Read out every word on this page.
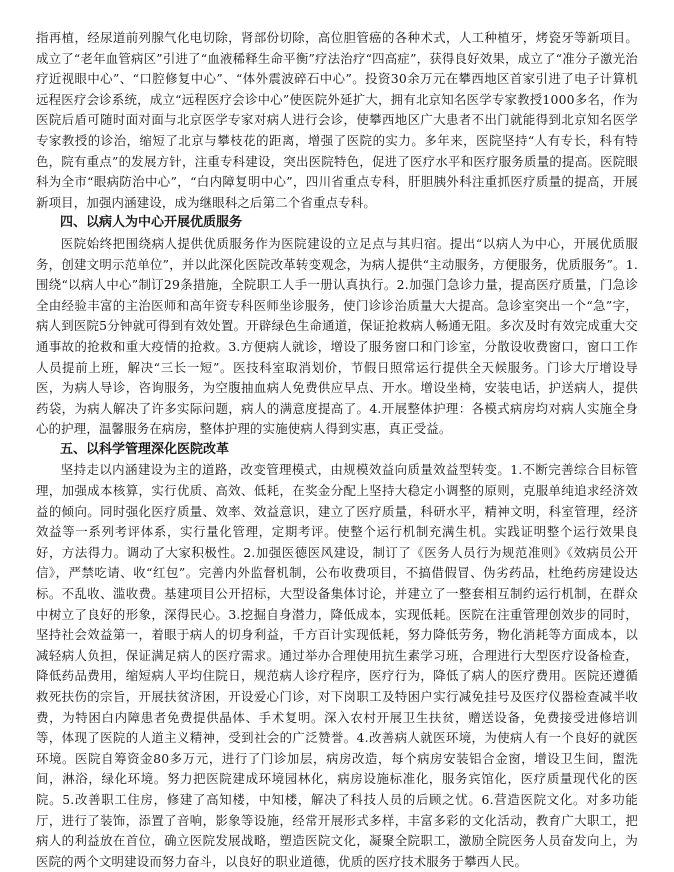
指再植，经尿道前列腺气化电切除，肾部份切除，高位胆管癌的各种术式，人工种植牙，烤瓷牙等新项目。成立了“老年血管病区”引进了“血液稀释生命平衡”疗法治疗“四高症”，获得良好效果，成立了“准分子激光治疗近视眼中心”、“口腔修复中心”、“体外震波碎石中心”。投资30余万元在攀西地区首家引进了电子计算机远程医疗会诊系统，成立“远程医疗会诊中心”使医院外延扩大，拥有北京知名医学专家教授1000多名，作为医院后盾可随时面对面与北京医学专家对病人进行会诊，使攀西地区广大患者不出门就能得到北京知名医学专家教授的诊治，缩短了北京与攀枝花的距离，增强了医院的实力。多年来，医院坚持“人有专长，科有特色，院有重点”的发展方针，注重专科建设，突出医院特色，促进了医疗水平和医疗服务质量的提高。医院眼科为全市“眼病防治中心”，“白内障复明中心”，四川省重点专科，肝胆胰外科注重抓医疗质量的提高，开展新项目，加强内涵建设，成为继眼科之后第二个省重点专科。

四、以病人为中心开展优质服务

医院始终把围绕病人提供优质服务作为医院建设的立足点与其归宿。提出“以病人为中心，开展优质服务，创建文明示范单位”，并以此深化医院改革转变观念，为病人提供“主动服务，方便服务，优质服务”。1.围绕“以病人中心”制订29条措施，全院职工人手一册认真执行。2.加强门急诊力量，提高医疗质量，门急诊全由经验丰富的主治医师和高年资专科医师坐诊服务，使门诊诊治质量大大提高。急诊室突出一个“急”字，病人到医院5分钟就可得到有效处置。开辟绿色生命通道，保证抢救病人畅通无阻。多次及时有效完成重大交通事故的抢救和重大疫情的抢救。3.方便病人就诊，增设了服务窗口和门诊室，分散设收费窗口，窗口工作人员提前上班，解决“三长一短”。医技科室取消划价，节假日照常运行提供全天候服务。门诊大厅增设导医，为病人导诊，咨询服务，为空腹抽血病人免费供应早点、开水。增设坐椅，安装电话，护送病人，提供药袋，为病人解决了许多实际问题，病人的满意度提高了。4.开展整体护理：各模式病房均对病人实施全身心的护理，温馨服务在病房，整体护理的实施使病人得到实惠，真正受益。

五、以科学管理深化医院改革

坚持走以内涵建设为主的道路，改变管理模式，由规模效益向质量效益型转变。1.不断完善综合目标管理，加强成本核算，实行优质、高效、低耗，在奖金分配上坚持大稳定小调整的原则，克服单纯追求经济效益的倾向。同时强化医疗质量、效率、效益意识，建立了医疗质量，科研水平，精神文明，科室管理，经济效益等一系列考评体系，实行量化管理，定期考评。使整个运行机制充满生机。实践证明整个运行效果良好，方法得力。调动了大家积极性。2.加强医德医风建设，制订了《医务人员行为规范准则》《效病员公开信》，严禁吃请、收“红包”。完善内外监督机制，公布收费项目，不搞借假冒、伪劣药品，杜绝药房建设达标。不乱收、滥收费。基建项目公开招标，大型设备集体讨论，并建立了一整套相互制约运行机制，在群众中树立了良好的形象，深得民心。3.挖掘自身潜力，降低成本，实现低耗。医院在注重管理创效步的同时，坚持社会效益第一，着眼于病人的切身利益，千方百计实现低耗，努力降低劳务，物化消耗等方面成本，以减轻病人负担，保证满足病人的医疗需求。通过举办合理使用抗生素学习班，合理进行大型医疗设备检查，降低药品费用，缩短病人平均住院日，规范病人诊疗程序，医疗行为，降低了病人的医疗费用。医院还遵循救死扶伤的宗旨，开展扶贫济困，开设爱心门诊，对下岗职工及特困户实行减免挂号及医疗仪器检查减半收费，为特困白内障患者免费提供晶体、手术复明。深入农村开展卫生扶贫，赠送设备，免费接受进修培训等，体现了医院的人道主义精神，受到社会的广泛赞誉。4.改善病人就医环境，为使病人有一个良好的就医环境。医院自筹资金80多万元，进行了门诊加层，病房改造，每个病房安装铝合金窗，增设卫生间，盥洗间，淋浴，绿化环境。努力把医院建成环境园林化，病房设施标准化，服务宾馆化，医疗质量现代化的医院。5.改善职工住房，修建了高知楼，中知楼，解决了科技人员的后顾之忧。6.营造医院文化。对多功能厅，进行了装饰，添置了音响，影象等设施，经常开展形式多样，丰富多彩的文化活动，教育广大职工，把病人的利益放在首位，确立医院发展战略，塑造医院文化，凝聚全院职工，激励全院医务人员奋发向上，为医院的两个文明建设而努力奋斗，以良好的职业道德，优质的医疗技术服务于攀西人民。
